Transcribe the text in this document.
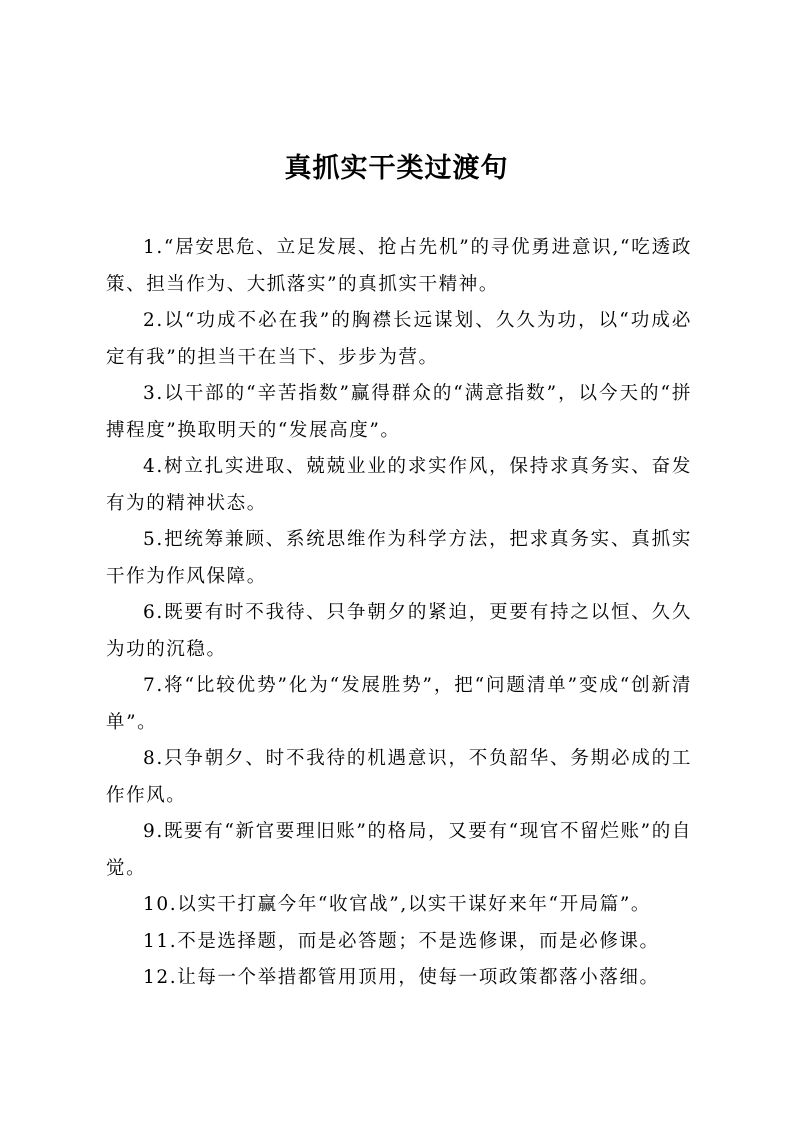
真抓实干类过渡句

1.“居安思危、立足发展、抢占先机”的寻优勇进意识,“吃透政策、担当作为、大抓落实”的真抓实干精神。

2.以“功成不必在我”的胸襟长远谋划、久久为功，以“功成必定有我”的担当干在当下、步步为营。

3.以干部的“辛苦指数”赢得群众的“满意指数”，以今天的“拼搏程度”换取明天的“发展高度”。

4.树立扎实进取、兢兢业业的求实作风，保持求真务实、奋发有为的精神状态。

5.把统筹兼顾、系统思维作为科学方法，把求真务实、真抓实干作为作风保障。

6.既要有时不我待、只争朝夕的紧迫，更要有持之以恒、久久为功的沉稳。

7.将“比较优势”化为“发展胜势”，把“问题清单”变成“创新清单”。

8.只争朝夕、时不我待的机遇意识，不负韶华、务期必成的工作作风。

9.既要有“新官要理旧账”的格局，又要有“现官不留烂账”的自觉。

10.以实干打赢今年“收官战”,以实干谋好来年“开局篇”。

11.不是选择题，而是必答题；不是选修课，而是必修课。

12.让每一个举措都管用顶用，使每一项政策都落小落细。
